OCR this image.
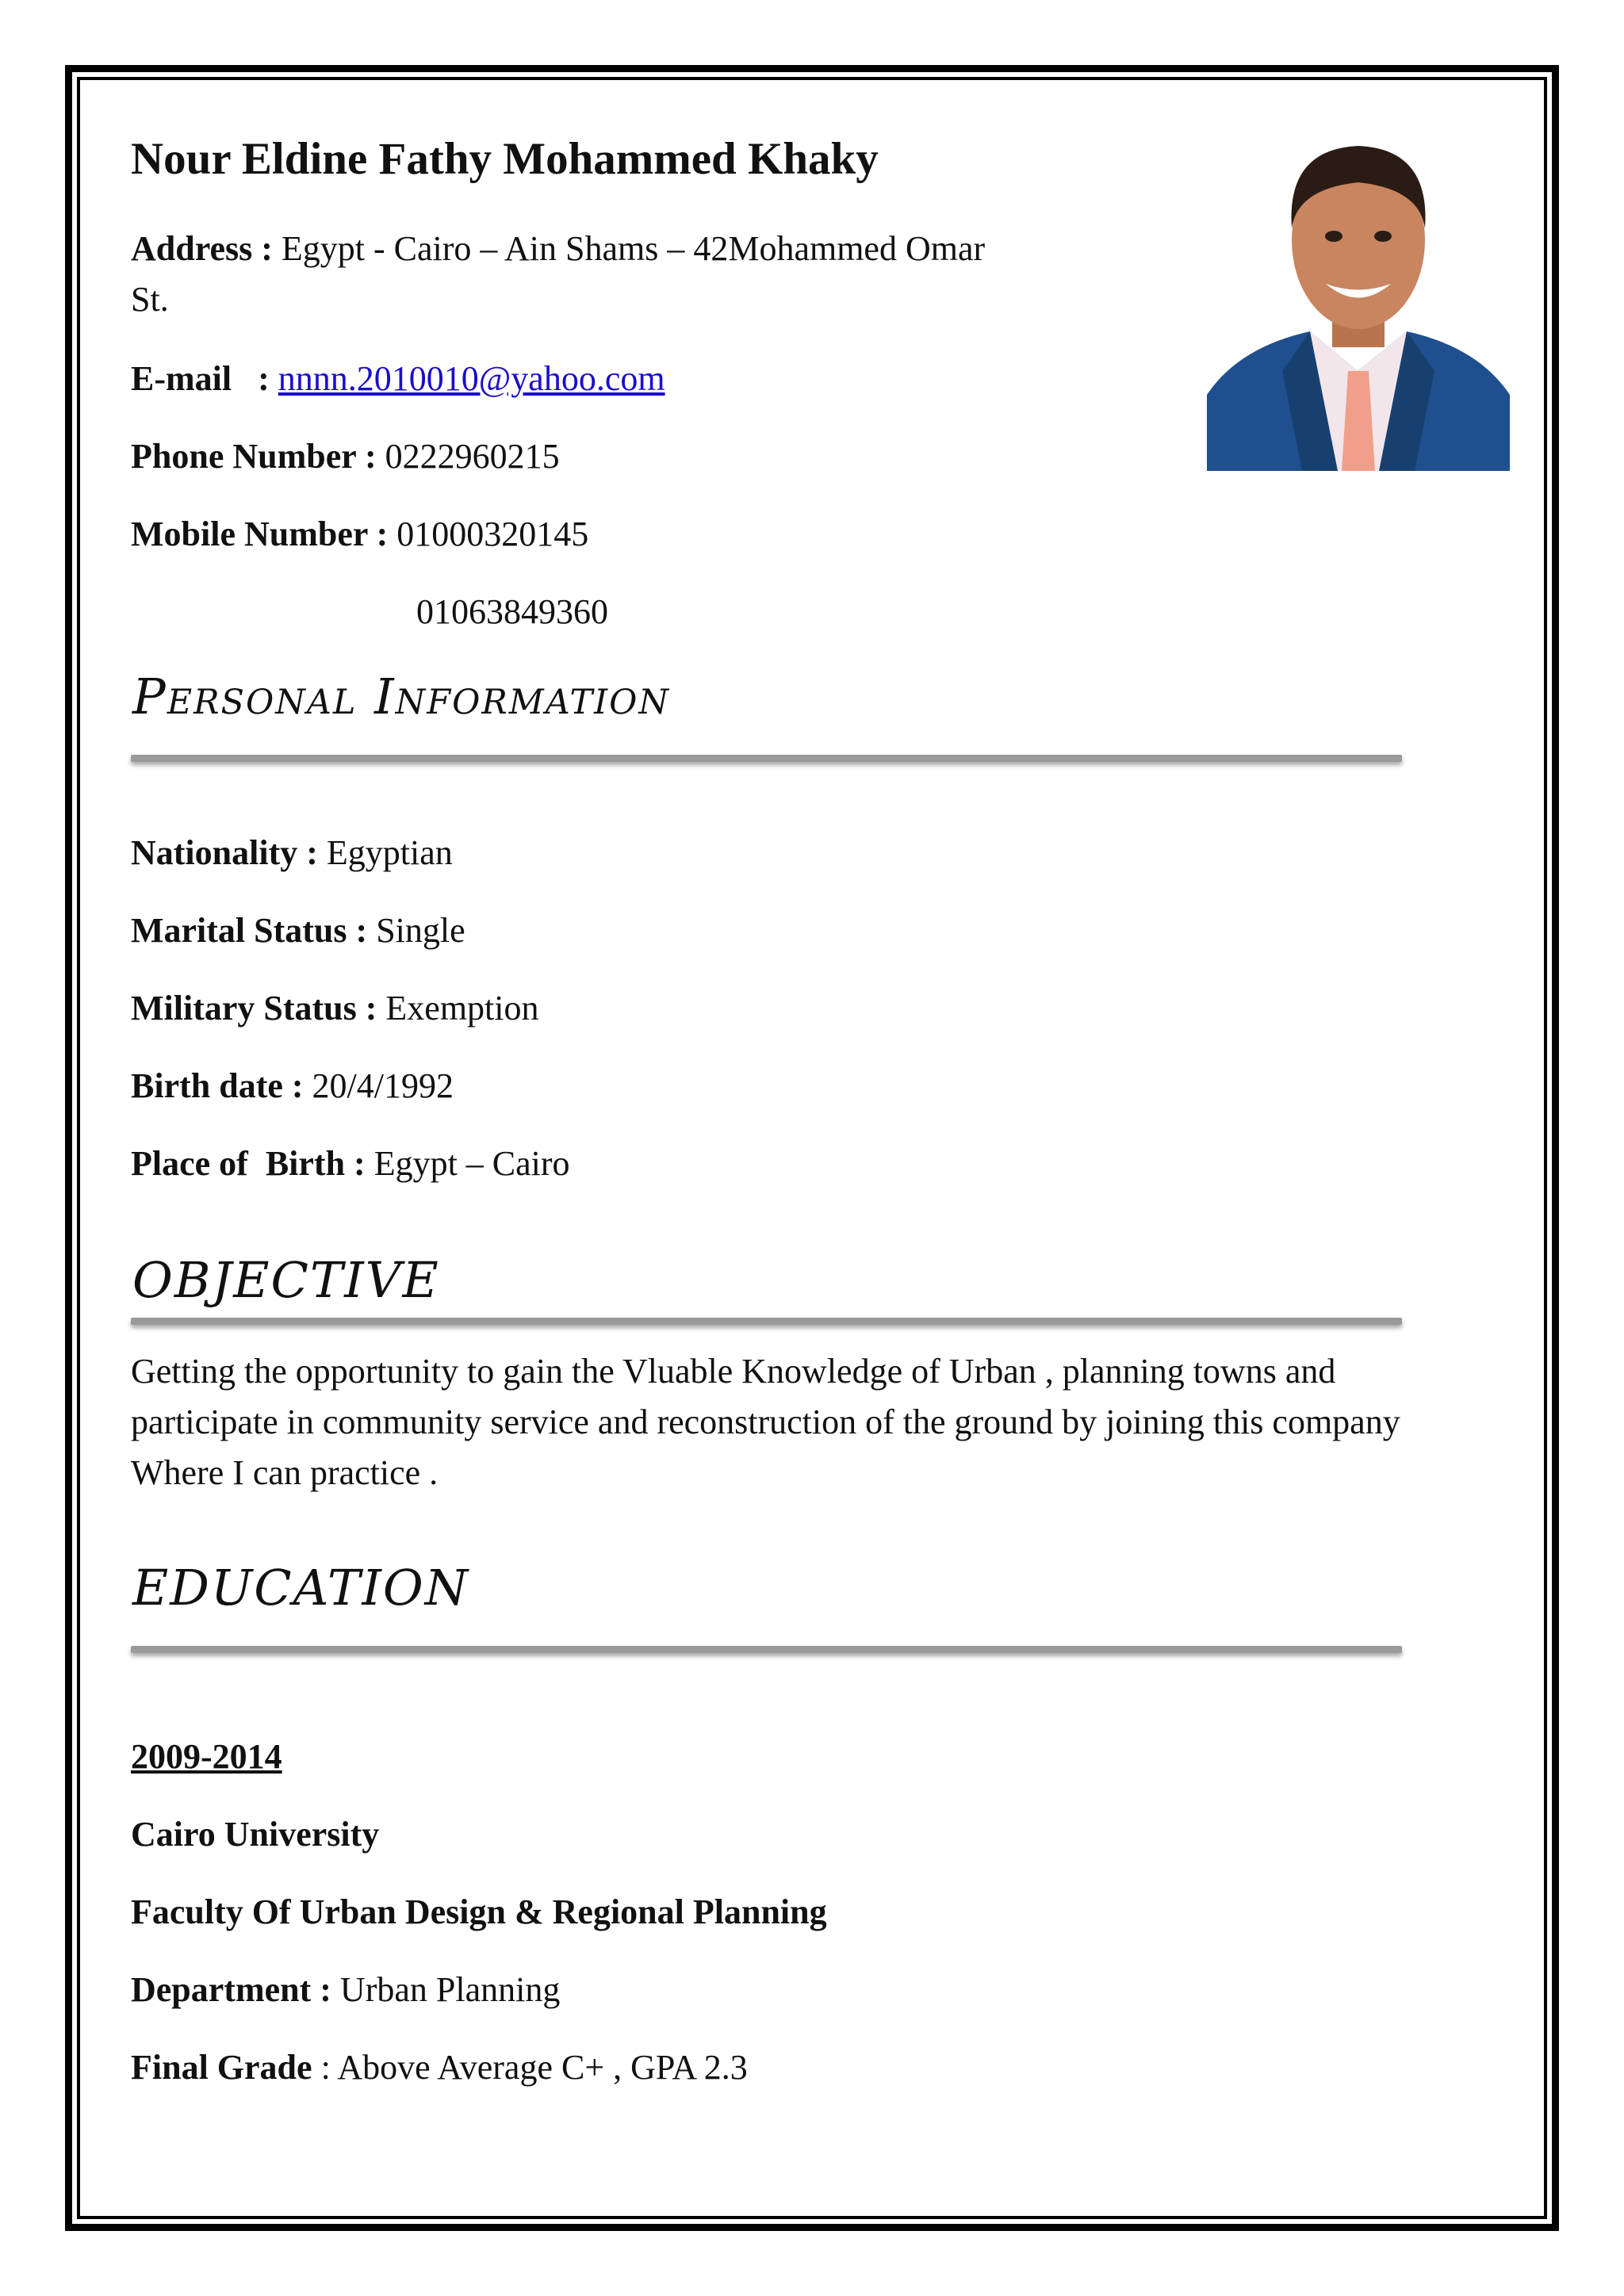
Nour Eldine Fathy Mohammed Khaky
Address : Egypt - Cairo – Ain Shams – 42Mohammed Omar St.
E-mail   : nnnn.2010010@yahoo.com
Phone Number : 0222960215
Mobile Number : 01000320145
01063849360
Personal Information
Nationality : Egyptian
Marital Status : Single
Military Status : Exemption
Birth date : 20/4/1992
Place of  Birth : Egypt – Cairo
OBJECTIVE
Getting the opportunity to gain the Vluable Knowledge of Urban , planning towns and participate in community service and reconstruction of the ground by joining this company Where I can practice .
EDUCATION
2009-2014
Cairo University
Faculty Of Urban Design & Regional Planning
Department : Urban Planning
Final Grade : Above Average C+ , GPA 2.3
